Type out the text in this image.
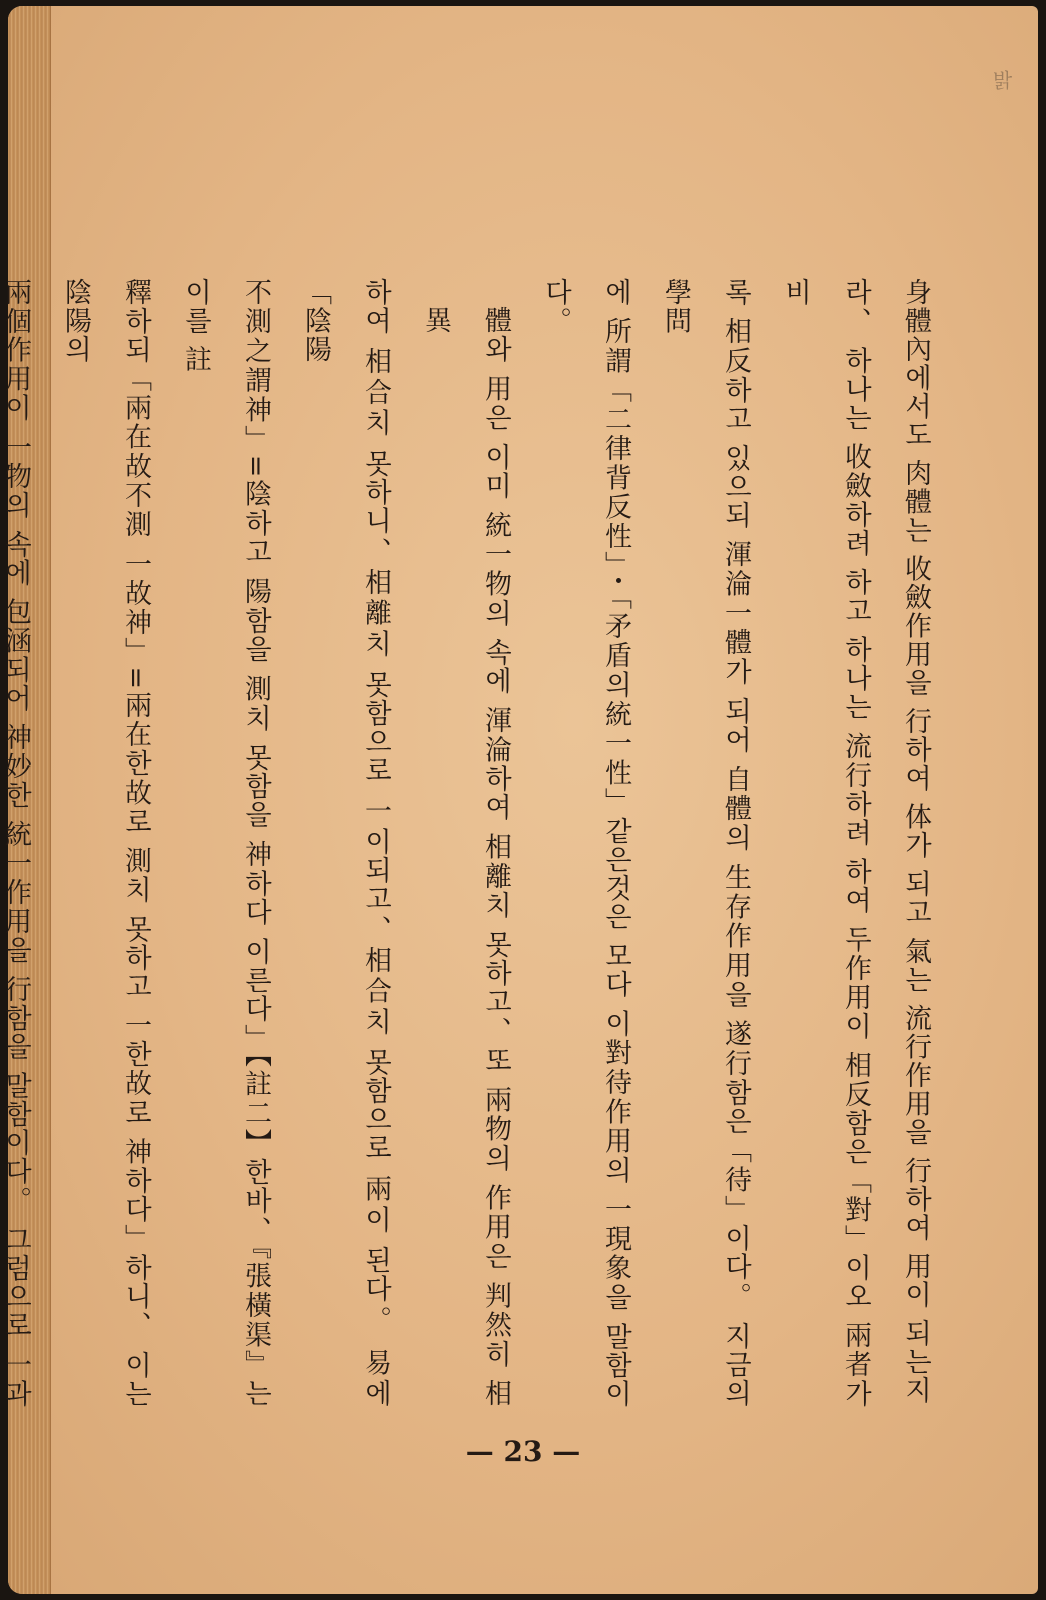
밝
身體內에서도 肉體는 收斂作用을 行하여 体가 되고 氣는 流行作用을 行하여 用이 되는지
라、 하나는 收斂하려 하고 하나는 流行하려 하여 두作用이 相反함은「對」이오 兩者가 비
록 相反하고 있으되 渾淪一體가 되어 自體의 生存作用을 遂行함은「待」이다。 지금의 學問
에 所謂「二律背反性」・「矛盾의統一性」같은것은 모다 이對待作用의 一現象을 말함이다。
體와 用은 이미 統一物의 속에 渾淪하여 相離치 못하고、또 兩物의 作用은 判然히 相異
하여 相合치 못하니、相離치 못함으로 一이되고、相合치 못함으로 兩이 된다。 易에「陰陽
不測之謂神」=陰하고 陽함을 測치 못함을 神하다 이른다」【註二】한바、『張橫渠』는 이를 註
釋하되「兩在故不測 一故神」=兩在한故로 測치 못하고 一한故로 神하다」하니、 이는 陰陽의
兩個作用이 一物의 속에 包涵되어 神妙한 統一作用을 行함을 말함이다。 그럼으로 一과
— 23 —
